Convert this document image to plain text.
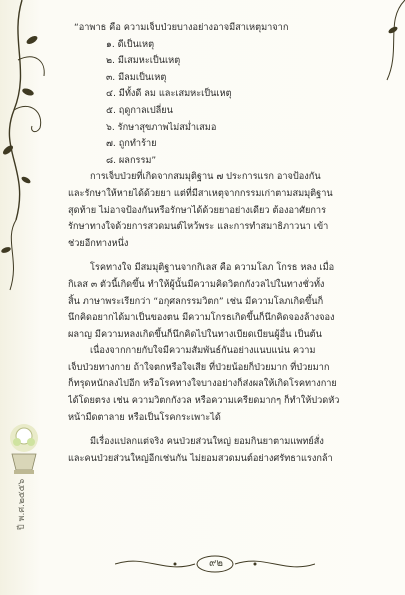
“อาพาธ คือ ความเจ็บป่วยบางอย่างอาจมีสาเหตุมาจาก
๑. ดีเป็นเหตุ
๒. มีเสมหะเป็นเหตุ
๓. มีลมเป็นเหตุ
๔. มีทั้งดี ลม และเสมหะเป็นเหตุ
๕. ฤดูกาลเปลี่ยน
๖. รักษาสุขภาพไม่สม่ำเสมอ
๗. ถูกทำร้าย
๘. ผลกรรม”
การเจ็บป่วยที่เกิดจากสมมุติฐาน ๗ ประการแรก อาจป้องกัน
และรักษาให้หายได้ด้วยยา แต่ที่มีสาเหตุจากกรรมเก่าตามสมมุติฐาน
สุดท้าย ไม่อาจป้องกันหรือรักษาได้ด้วยยาอย่างเดียว ต้องอาศัยการ
รักษาทางใจด้วยการสวดมนต์ไหว้พระ และการทำสมาธิภาวนา เข้า
ช่วยอีกทางหนึ่ง
โรคทางใจ มีสมมุติฐานจากกิเลส คือ ความโลภ โกรธ หลง เมื่อ
กิเลส ๓ ตัวนี้เกิดขึ้น ทำให้ผู้นั้นมีความคิดวิตกกังวลไปในทางชั่วทั้ง
สิ้น ภาษาพระเรียกว่า “อกุศลกรรมวิตก” เช่น มีความโลภเกิดขึ้นก็
นึกคิดอยากได้มาเป็นของตน มีความโกรธเกิดขึ้นก็นึกคิดจองล้างจอง
ผลาญ มีความหลงเกิดขึ้นก็นึกคิดไปในทางเบียดเบียนผู้อื่น เป็นต้น
เนื่องจากกายกับใจมีความสัมพันธ์กันอย่างแนบแน่น ความ
เจ็บป่วยทางกาย ถ้าใจตกหรือใจเสีย ที่ป่วยน้อยก็ป่วยมาก ที่ป่วยมาก
ก็ทรุดหนักลงไปอีก หรือโรคทางใจบางอย่างก็ส่งผลให้เกิดโรคทางกาย
ได้โดยตรง เช่น ความวิตกกังวล หรือความเครียดมากๆ ก็ทำให้ปวดหัว
หน้ามืดตาลาย หรือเป็นโรคกระเพาะได้
มีเรื่องแปลกแต่จริง คนป่วยส่วนใหญ่ ยอมกินยาตามแพทย์สั่ง
และคนป่วยส่วนใหญ่อีกเช่นกัน ไม่ยอมสวดมนต์อย่างศรัทธาแรงกล้า
ปี พ.ศ.๒๕๕๖
๙๒
